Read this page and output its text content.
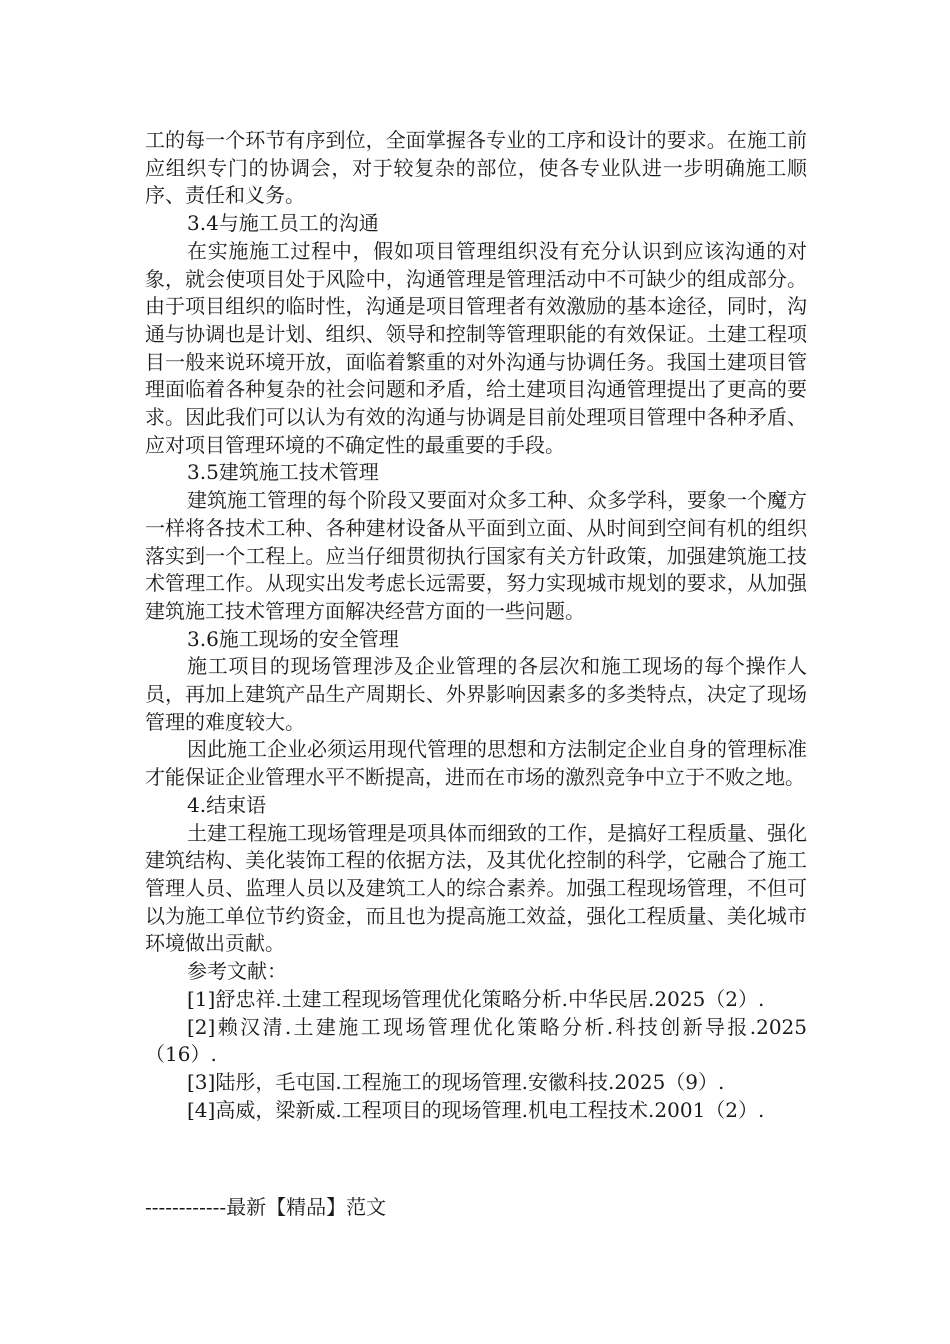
工的每一个环节有序到位，全面掌握各专业的工序和设计的要求。在施工前应组织专门的协调会，对于较复杂的部位，使各专业队进一步明确施工顺序、责任和义务。

3.4与施工员工的沟通

在实施施工过程中，假如项目管理组织没有充分认识到应该沟通的对象，就会使项目处于风险中，沟通管理是管理活动中不可缺少的组成部分。由于项目组织的临时性，沟通是项目管理者有效激励的基本途径，同时，沟通与协调也是计划、组织、领导和控制等管理职能的有效保证。土建工程项目一般来说环境开放，面临着繁重的对外沟通与协调任务。我国土建项目管理面临着各种复杂的社会问题和矛盾，给土建项目沟通管理提出了更高的要求。因此我们可以认为有效的沟通与协调是目前处理项目管理中各种矛盾、应对项目管理环境的不确定性的最重要的手段。

3.5建筑施工技术管理

建筑施工管理的每个阶段又要面对众多工种、众多学科，要象一个魔方一样将各技术工种、各种建材设备从平面到立面、从时间到空间有机的组织落实到一个工程上。应当仔细贯彻执行国家有关方针政策，加强建筑施工技术管理工作。从现实出发考虑长远需要，努力实现城市规划的要求，从加强建筑施工技术管理方面解决经营方面的一些问题。

3.6施工现场的安全管理

施工项目的现场管理涉及企业管理的各层次和施工现场的每个操作人员，再加上建筑产品生产周期长、外界影响因素多的多类特点，决定了现场管理的难度较大。

因此施工企业必须运用现代管理的思想和方法制定企业自身的管理标准才能保证企业管理水平不断提高，进而在市场的激烈竞争中立于不败之地。

4.结束语

土建工程施工现场管理是项具体而细致的工作，是搞好工程质量、强化建筑结构、美化装饰工程的依据方法，及其优化控制的科学，它融合了施工管理人员、监理人员以及建筑工人的综合素养。加强工程现场管理，不但可以为施工单位节约资金，而且也为提高施工效益，强化工程质量、美化城市环境做出贡献。

参考文献：

[1]舒忠祥.土建工程现场管理优化策略分析.中华民居.2025（2）.

[2]赖汉清.土建施工现场管理优化策略分析.科技创新导报.2025（16）.

[3]陆彤，毛屯国.工程施工的现场管理.安徽科技.2025（9）.

[4]高威，梁新威.工程项目的现场管理.机电工程技术.2001（2）.

------------最新【精品】范文
